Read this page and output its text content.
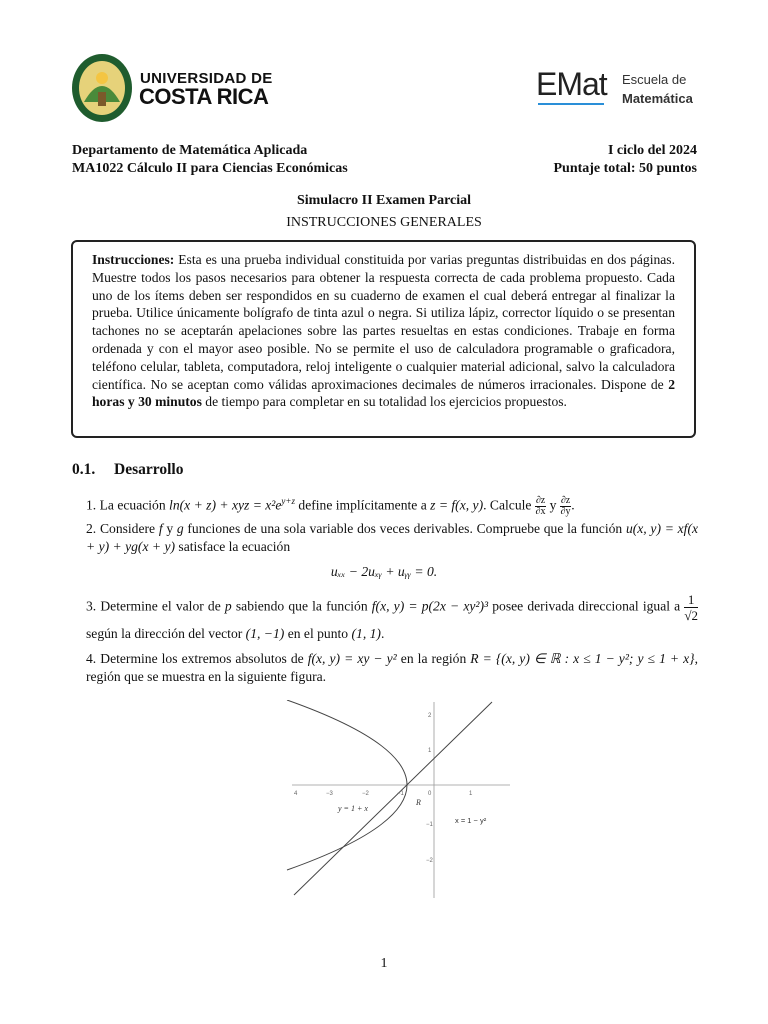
UNIVERSIDAD DE
COSTA RICA	EMat Escuela de
Matemática
Departamento de Matemática Aplicada
MA1022 Cálculo II para Ciencias Económicas
I ciclo del 2024
Puntaje total: 50 puntos
Simulacro II Examen Parcial
INSTRUCCIONES GENERALES
Instrucciones: Esta es una prueba individual constituida por varias preguntas distribuidas en dos páginas. Muestre todos los pasos necesarios para obtener la respuesta correcta de cada problema propuesto. Cada uno de los ítems deben ser respondidos en su cuaderno de examen el cual deberá entregar al finalizar la prueba. Utilice únicamente bolígrafo de tinta azul o negra. Si utiliza lápiz, corrector líquido o se presentan tachones no se aceptarán apelaciones sobre las partes resueltas en estas condiciones. Trabaje en forma ordenada y con el mayor aseo posible. No se permite el uso de calculadora programable o graficadora, teléfono celular, tableta, computadora, reloj inteligente o cualquier material adicional, salvo la calculadora científica. No se aceptan como válidas aproximaciones decimales de números irracionales. Dispone de 2 horas y 30 minutos de tiempo para completar en su totalidad los ejercicios propuestos.
0.1. Desarrollo
1. La ecuación ln(x + z) + xyz = $x^2e^{y+z}$ define implícitamente a z = f(x, y). Calcule $\frac{\partial z}{\partial x}$ y $\frac{\partial z}{\partial y}$ .
2. Considere f y g funciones de una sola variable dos veces derivables. Compruebe que la función u(x, y) = xf(x + y) + yg(x + y) satisface la ecuación
uₓₓ − 2uₓᵧ + uᵧᵧ = 0.
3. Determine el valor de p sabiendo que la función f(x, y) = p(2x − xy²)³ posee derivada direccional igual a $\frac{1}{√2}$
según la dirección del vector (1, −1) en el punto (1, 1).
4. Determine los extremos absolutos de f(x, y) = xy − y² en la región R = {(x, y) ∈ ℝ : x ≤ 1 − y²; y ≤ 1 + x}, región que se muestra en la siguiente figura.
4	−3	−2	−1	0	1
2
1
−1
−2
y = 1 + x
R
x = 1 − y²
1
